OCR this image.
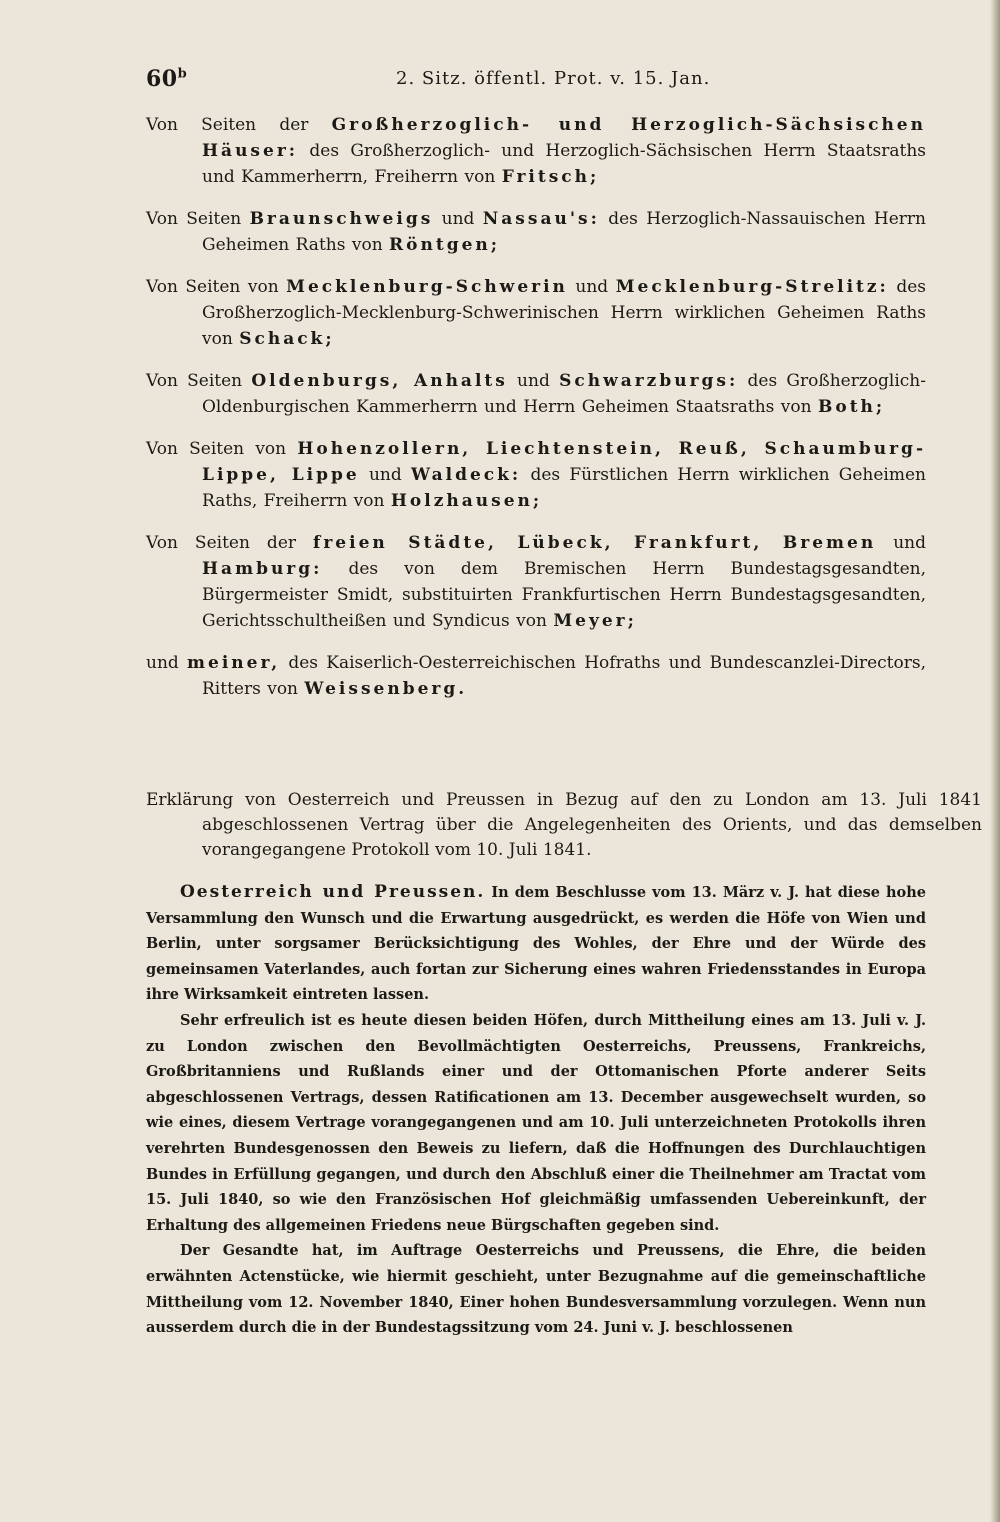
60$^b$	2. Sitz. öffentl. Prot. v. 15. Jan.
Von Seiten der Großherzoglich- und Herzoglich-Sächsischen Häuser: des Großherzoglich- und Herzoglich-Sächsischen Herrn Staatsraths und Kammerherrn, Freiherrn von Fritsch;
Von Seiten Braunschweigs und Nassau's: des Herzoglich-Nassauischen Herrn Geheimen Raths von Röntgen;
Von Seiten von Mecklenburg-Schwerin und Mecklenburg-Strelitz: des Großherzoglich-Mecklenburg-Schwerinischen Herrn wirklichen Geheimen Raths von Schack;
Von Seiten Oldenburgs, Anhalts und Schwarzburgs: des Großherzoglich-Oldenburgischen Kammerherrn und Herrn Geheimen Staatsraths von Both;
Von Seiten von Hohenzollern, Liechtenstein, Reuß, Schaumburg-Lippe, Lippe und Waldeck: des Fürstlichen Herrn wirklichen Geheimen Raths, Freiherrn von Holzhausen;
Von Seiten der freien Städte, Lübeck, Frankfurt, Bremen und Hamburg: des von dem Bremischen Herrn Bundestagsgesandten, Bürgermeister Smidt, substituirten Frankfurtischen Herrn Bundestagsgesandten, Gerichtsschultheißen und Syndicus von Meyer;
und meiner, des Kaiserlich-Oesterreichischen Hofraths und Bundescanzlei-Directors, Ritters von Weissenberg.
Erklärung von Oesterreich und Preussen in Bezug auf den zu London am 13. Juli 1841 abgeschlossenen Vertrag über die Angelegenheiten des Orients, und das demselben vorangegangene Protokoll vom 10. Juli 1841.

Oesterreich und Preussen. In dem Beschlusse vom 13. März v. J. hat diese hohe Versammlung den Wunsch und die Erwartung ausgedrückt, es werden die Höfe von Wien und Berlin, unter sorgsamer Berücksichtigung des Wohles, der Ehre und der Würde des gemeinsamen Vaterlandes, auch fortan zur Sicherung eines wahren Friedensstandes in Europa ihre Wirksamkeit eintreten lassen.

Sehr erfreulich ist es heute diesen beiden Höfen, durch Mittheilung eines am 13. Juli v. J. zu London zwischen den Bevollmächtigten Oesterreichs, Preussens, Frankreichs, Großbritanniens und Rußlands einer und der Ottomanischen Pforte anderer Seits abgeschlossenen Vertrags, dessen Ratificationen am 13. December ausgewechselt wurden, so wie eines, diesem Vertrage vorangegangenen und am 10. Juli unterzeichneten Protokolls ihren verehrten Bundesgenossen den Beweis zu liefern, daß die Hoffnungen des Durchlauchtigen Bundes in Erfüllung gegangen, und durch den Abschluß einer die Theilnehmer am Tractat vom 15. Juli 1840, so wie den Französischen Hof gleichmäßig umfassenden Uebereinkunft, der Erhaltung des allgemeinen Friedens neue Bürgschaften gegeben sind.

Der Gesandte hat, im Auftrage Oesterreichs und Preussens, die Ehre, die beiden erwähnten Actenstücke, wie hiermit geschieht, unter Bezugnahme auf die gemeinschaftliche Mittheilung vom 12. November 1840, Einer hohen Bundesversammlung vorzulegen. Wenn nun ausserdem durch die in der Bundestagssitzung vom 24. Juni v. J. beschlossenen
